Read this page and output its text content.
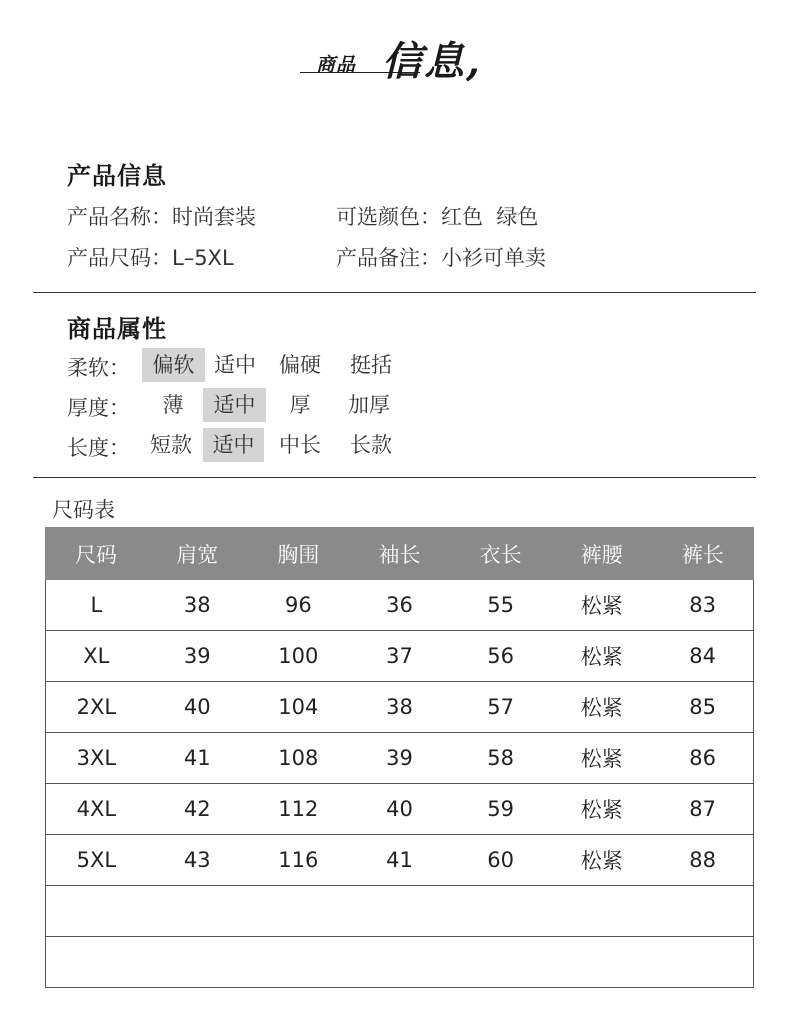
商品 信息,
产品信息
产品名称：时尚套装	可选颜色：红色  绿色
产品尺码：L–5XL	产品备注：小衫可单卖
商品属性
柔软：	偏软 适中	偏硬	挺括
厚度：	薄	适中	厚	加厚
长度： 短款 适中	中长	长款
尺码表
尺码	肩宽	胸围	袖长	衣长	裤腰	裤长
L	38	96	36	55	松紧	83
XL	39	100	37	56	松紧	84
2XL	40	104	38	57	松紧	85
3XL	41	108	39	58	松紧	86
4XL	42	112	40	59	松紧	87
5XL	43	116	41	60	松紧	88
